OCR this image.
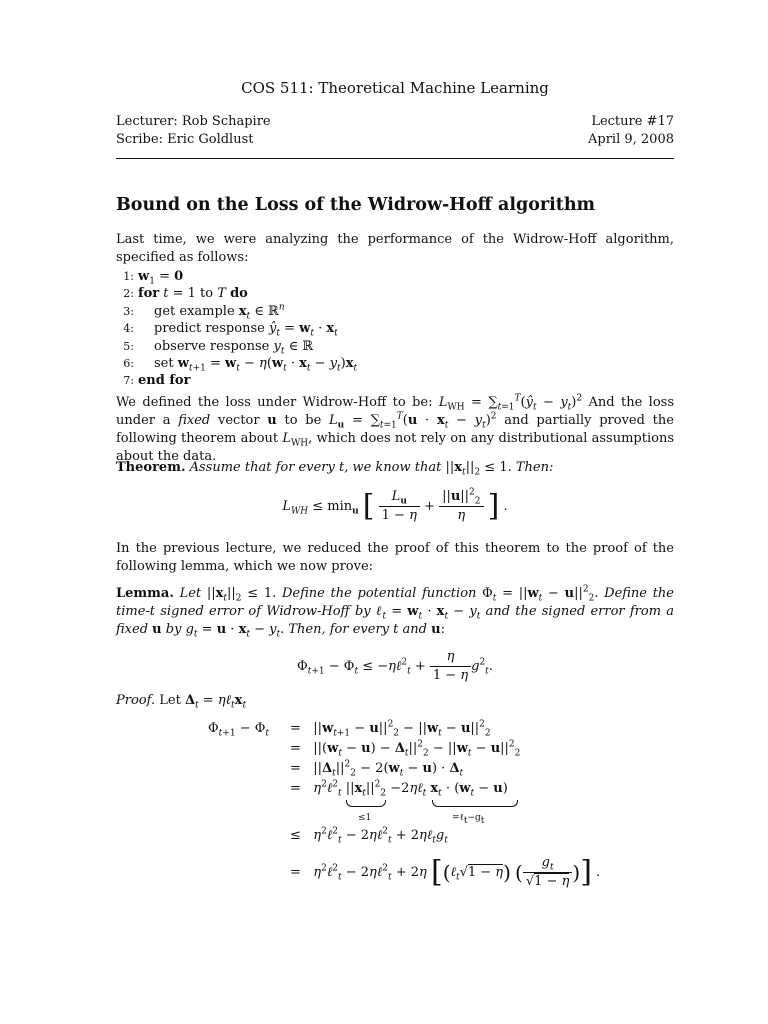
COS 511: Theoretical Machine Learning
Lecturer: Rob Schapire
Scribe: Eric Goldlust
Lecture #17
April 9, 2008
Bound on the Loss of the Widrow-Hoff algorithm
Last time, we were analyzing the performance of the Widrow-Hoff algorithm, specified as follows:
1: $w_1 = 0$
2: for t = 1 to T do
3: get example $x_t$ ∈ ℝ$^n$
4: predict response $ŷ_t = w_t \cdot x_t$
5: observe response $y_t$ ∈ ℝ
6: set $w_{t+1} = w_t - \eta(w_t \cdot x_t - y_t)x_t$
7: end for
We defined the loss under Widrow-Hoff to be: $L_{WH}$ = $\sum_{t=1}^T(ŷ_t - y_t)^2$ And the loss under a fixed vector u to be $L_u = \sum_{t=1}^T(u \cdot x_t - y_t)^2$ and partially proved the following theorem about $L_{WH}$, which does not rely on any distributional assumptions about the data.
Theorem. Assume that for every t, we know that $||x_t||_2 \le 1$. Then:
$L_{WH} \le \min_u$ [ $\frac{L_u}{1 - \eta} + \frac{||u||^2_2}{\eta}$ ] .
In the previous lecture, we reduced the proof of this theorem to the proof of the following lemma, which we now prove:
Lemma. Let $||x_t||_2 \le 1$. Define the potential function $\Phi_t = ||w_t - u||^2_2$. Define the time-t signed error of Widrow-Hoff by ℓ$_t$ = $w_t \cdot x_t - y_t$ and the signed error from a fixed u by $g_t = u \cdot x_t - y_t$. Then, for every t and u:
$\Phi_{t+1} - \Phi_t$ ≤ −ηℓ$^2_t$ + $\frac{\eta}{1 - \eta} g^2_t$.
Proof. Let $\Delta_t$ = $\eta\ell_tx_t$
$\Phi_{t+1} - \Phi_t = ||w_{t+1} - u||^2_2 - ||w_t - u||^2_2$
=   $||(w_t - u) - \Delta_t||^2_2 - ||w_t - u||^2_2$
=   $||\Delta_t||^2_2 - 2(w_t - u) \cdot \Delta_t$
=   $\eta^2\ell^2_t$ $||x_t||^2_2$ −2ηℓ$_t$ $x_t \cdot (w_t - u)$
≤1	$=\ell_t-g_t$
≤   $\eta^2\ell^2_t$ − 2ηℓ$^2_t$ + $2\eta\ell_tg_t$
=   $\eta^2\ell^2_t$ − 2ηℓ$^2_t$ + 2η [(ℓ$_t$√1 − η) ( $\frac{g_t}{√1 - \eta}$ )] .
